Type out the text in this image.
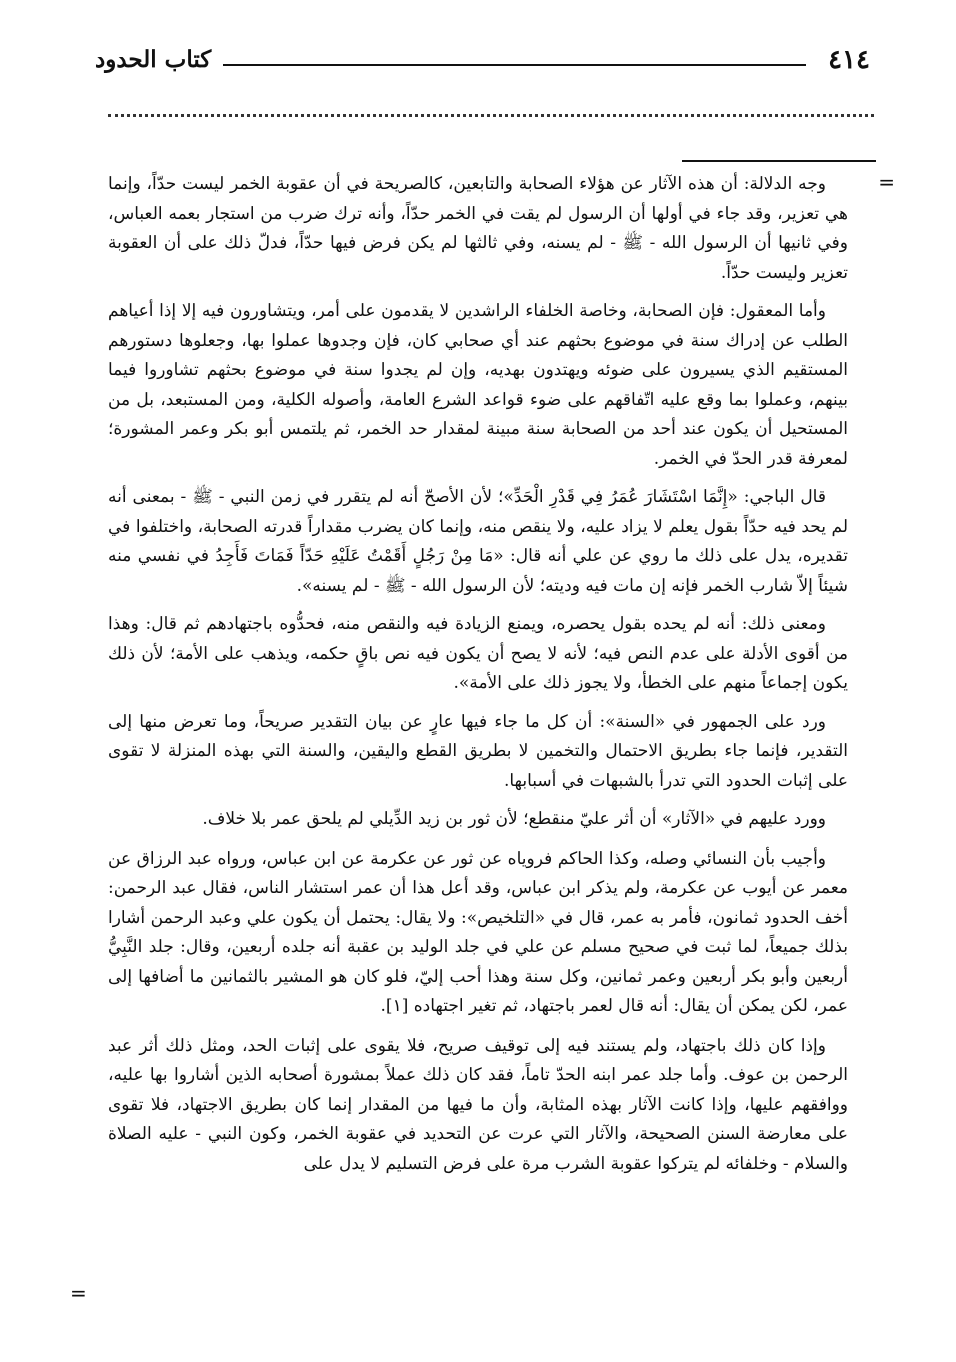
٤١٤
كتاب الحدود
=
=

وجه الدلالة: أن هذه الآثار عن هؤلاء الصحابة والتابعين، كالصريحة في أن عقوبة الخمر ليست حدّاً، وإنما هي تعزير، وقد جاء في أولها أن الرسول لم يقت في الخمر حدّاً، وأنه ترك ضرب من استجار بعمه العباس، وفي ثانيها أن الرسول الله - ﷺ - لم يسنه، وفي ثالثها لم يكن فرض فيها حدّاً، فدلّ ذلك على أن العقوبة تعزير وليست حدّاً.

وأما المعقول: فإن الصحابة، وخاصة الخلفاء الراشدين لا يقدمون على أمر، ويتشاورون فيه إلا إذا أعياهم الطلب عن إدراك سنة في موضوع بحثهم عند أي صحابي كان، فإن وجدوها عملوا بها، وجعلوها دستورهم المستقيم الذي يسيرون على ضوئه ويهتدون بهديه، وإن لم يجدوا سنة في موضوع بحثهم تشاوروا فيما بينهم، وعملوا بما وقع عليه اتّفاقهم على ضوء قواعد الشرع العامة، وأصوله الكلية، ومن المستبعد، بل من المستحيل أن يكون عند أحد من الصحابة سنة مبينة لمقدار حد الخمر، ثم يلتمس أبو بكر وعمر المشورة؛ لمعرفة قدر الحدّ في الخمر.

قال الباجي: «إِنَّمَا اسْتَشَارَ عُمَرُ فِي قَدْرِ الْحَدِّ»؛ لأن الأصحّ أنه لم يتقرر في زمن النبي - ﷺ - بمعنى أنه لم يحد فيه حدّاً بقول يعلم لا يزاد عليه، ولا ينقص منه، وإنما كان يضرب مقداراً قدرته الصحابة، واختلفوا في تقديره، يدل على ذلك ما روي عن علي أنه قال: «مَا مِنْ رَجُلٍ أَقَمْتُ عَلَيْهِ حَدّاً فَمَاتَ فَأَجِدُ في نفسي منه شيئاً إلاّ شارب الخمر فإنه إن مات فيه وديته؛ لأن الرسول الله - ﷺ - لم يسنه».

ومعنى ذلك: أنه لم يحده بقول يحصره، ويمنع الزيادة فيه والنقص منه، فحدُّوه باجتهادهم ثم قال: وهذا من أقوى الأدلة على عدم النص فيه؛ لأنه لا يصح أن يكون فيه نص باقٍ حكمه، ويذهب على الأمة؛ لأن ذلك يكون إجماعاً منهم على الخطأ، ولا يجوز ذلك على الأمة».

ورد على الجمهور في «السنة»: أن كل ما جاء فيها عارٍ عن بيان التقدير صريحاً، وما تعرض منها إلى التقدير، فإنما جاء بطريق الاحتمال والتخمين لا بطريق القطع واليقين، والسنة التي بهذه المنزلة لا تقوى على إثبات الحدود التي تدرأ بالشبهات في أسبابها.

وورد عليهم في «الآثار» أن أثر عليّ منقطع؛ لأن ثور بن زيد الدِّيلي لم يلحق عمر بلا خلاف.

وأجيب بأن النسائي وصله، وكذا الحاكم فروياه عن ثور عن عكرمة عن ابن عباس، ورواه عبد الرزاق عن معمر عن أيوب عن عكرمة، ولم يذكر ابن عباس، وقد أعل هذا أن عمر استشار الناس، فقال عبد الرحمن: أخف الحدود ثمانون، فأمر به عمر، قال في «التلخيص»: ولا يقال: يحتمل أن يكون علي وعبد الرحمن أشارا بذلك جميعاً، لما ثبت في صحيح مسلم عن علي في جلد الوليد بن عقبة أنه جلده أربعين، وقال: جلد النَّبِيُّ أربعين وأبو بكر أربعين وعمر ثمانين، وكل سنة وهذا أحب إليّ، فلو كان هو المشير بالثمانين ما أضافها إلى عمر، لكن يمكن أن يقال: أنه قال لعمر باجتهاد، ثم تغير اجتهاده [١].

وإذا كان ذلك باجتهاد، ولم يستند فيه إلى توقيف صريح، فلا يقوى على إثبات الحد، ومثل ذلك أثر عبد الرحمن بن عوف. وأما جلد عمر ابنه الحدّ تاماً، فقد كان ذلك عملاً بمشورة أصحابه الذين أشاروا بها عليه، ووافقهم عليها، وإذا كانت الآثار بهذه المثابة، وأن ما فيها من المقدار إنما كان بطريق الاجتهاد، فلا تقوى على معارضة السنن الصحيحة، والآثار التي عرت عن التحديد في عقوبة الخمر، وكون النبي - عليه الصلاة والسلام - وخلفائه لم يتركوا عقوبة الشرب مرة على فرض التسليم لا يدل على
